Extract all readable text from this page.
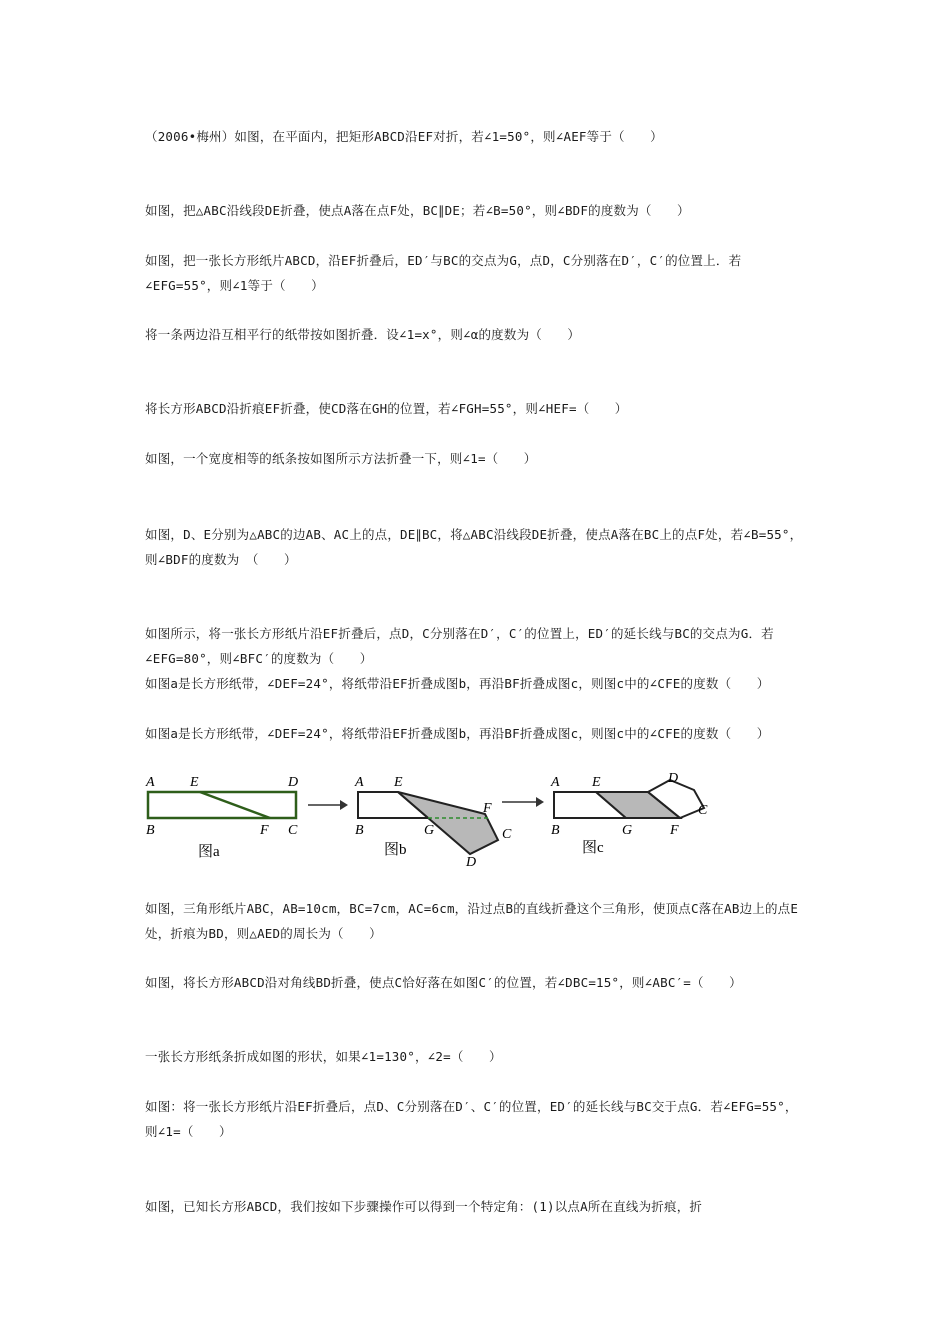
（2006•梅州）如图，在平面内，把矩形ABCD沿EF对折，若∠1=50°，则∠AEF等于（　　）
如图，把△ABC沿线段DE折叠，使点A落在点F处，BC∥DE；若∠B=50°，则∠BDF的度数为（　　）
如图，把一张长方形纸片ABCD，沿EF折叠后，ED′与BC的交点为G，点D，C分别落在D′，C′的位置上．若∠EFG=55°，则∠1等于（　　）
将一条两边沿互相平行的纸带按如图折叠．设∠1=x°，则∠α的度数为（　　）
将长方形ABCD沿折痕EF折叠，使CD落在GH的位置，若∠FGH=55°，则∠HEF=（　　）
如图，一个宽度相等的纸条按如图所示方法折叠一下，则∠1=（　　）
如图，D、E分别为△ABC的边AB、AC上的点，DE∥BC，将△ABC沿线段DE折叠，使点A落在BC上的点F处，若∠B=55°，则∠BDF的度数为　（　　）
如图所示，将一张长方形纸片沿EF折叠后，点D，C分别落在D′，C′的位置上，ED′的延长线与BC的交点为G．若∠EFG=80°，则∠BFC′的度数为（　　）
如图a是长方形纸带，∠DEF=24°，将纸带沿EF折叠成图b，再沿BF折叠成图c，则图c中的∠CFE的度数（　　）
如图a是长方形纸带，∠DEF=24°，将纸带沿EF折叠成图b，再沿BF折叠成图c，则图c中的∠CFE的度数（　　）
A	E	D
B	F C
图a
A E
F
B	G	C
D
图b
A E	D
C
B	G	F
图c
如图，三角形纸片ABC，AB=10cm，BC=7cm，AC=6cm，沿过点B的直线折叠这个三角形，使顶点C落在AB边上的点E处，折痕为BD，则△AED的周长为（　　）
如图，将长方形ABCD沿对角线BD折叠，使点C恰好落在如图C′的位置，若∠DBC=15°，则∠ABC′=（　　）
一张长方形纸条折成如图的形状，如果∠1=130°，∠2=（　　）
如图：将一张长方形纸片沿EF折叠后，点D、C分别落在D′、C′的位置，ED′的延长线与BC交于点G．若∠EFG=55°，则∠1=（　　）
如图，已知长方形ABCD，我们按如下步骤操作可以得到一个特定角：(1)以点A所在直线为折痕，折
